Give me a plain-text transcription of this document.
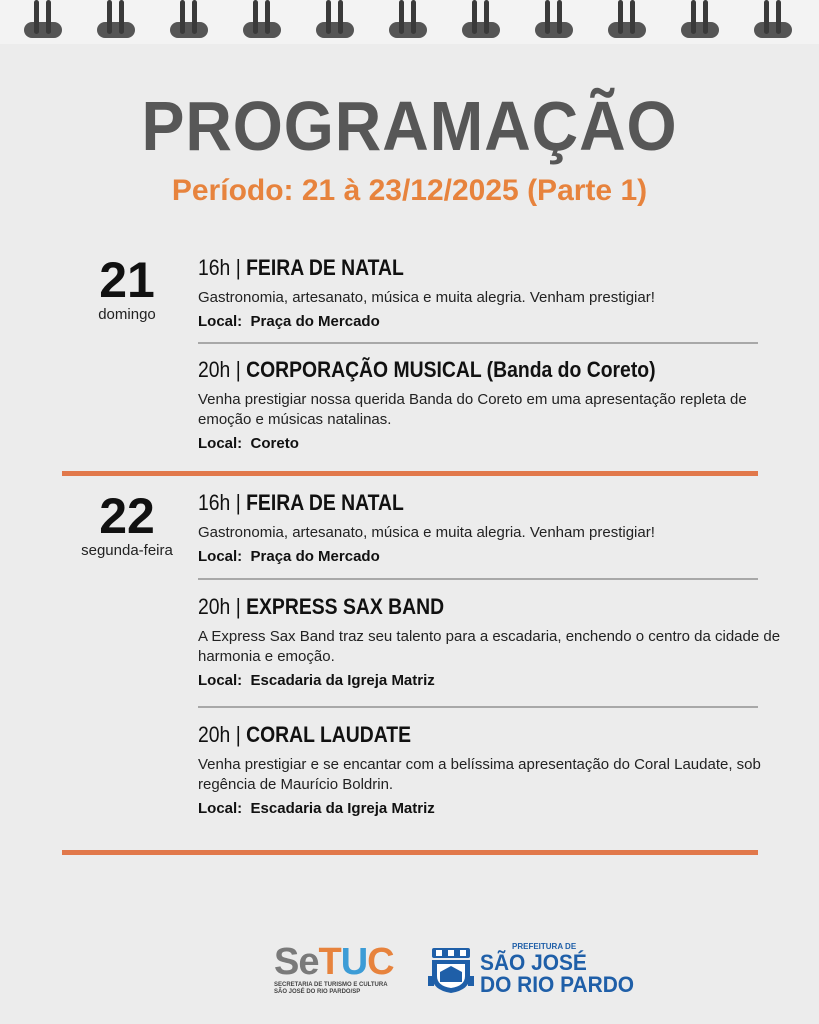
PROGRAMAÇÃO
Período: 21 à 23/12/2025 (Parte 1)
21
domingo
16h | FEIRA DE NATAL
Gastronomia, artesanato, música e muita alegria. Venham prestigiar!
Local: Praça do Mercado
20h | CORPORAÇÃO MUSICAL (Banda do Coreto)
Venha prestigiar nossa querida Banda do Coreto em uma apresentação repleta de emoção e músicas natalinas.
Local: Coreto
22
segunda-feira
16h | FEIRA DE NATAL
Gastronomia, artesanato, música e muita alegria. Venham prestigiar!
Local: Praça do Mercado
20h | EXPRESS SAX BAND
A Express Sax Band traz seu talento para a escadaria, enchendo o centro da cidade de harmonia e emoção.
Local: Escadaria da Igreja Matriz
20h | CORAL LAUDATE
Venha prestigiar e se encantar com a belíssima apresentação do Coral Laudate, sob regência de Maurício Boldrin.
Local: Escadaria da Igreja Matriz
SeTUC
SECRETARIA DE TURISMO E CULTURA
SÃO JOSÉ DO RIO PARDO/SP
PREFEITURA DE
SÃO JOSÉ
DO RIO PARDO
